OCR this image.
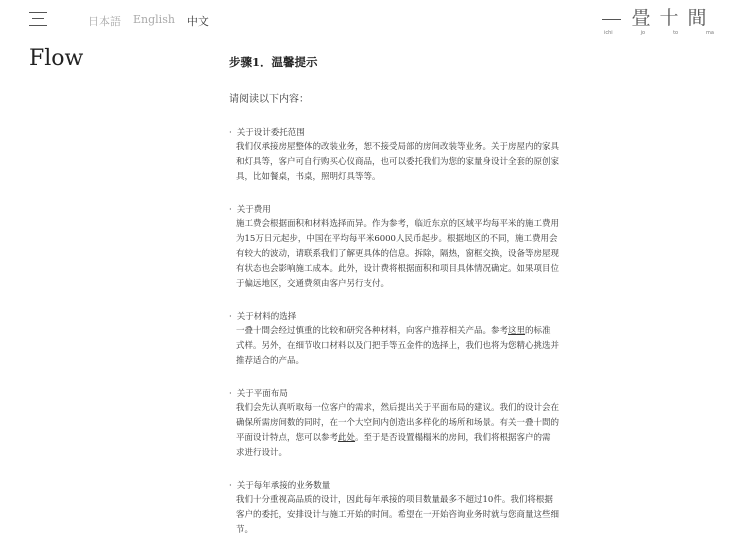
日本語 English 中文	畳十間
ichi	jo	to	ma
Flow	步骤1．温馨提示

请阅读以下内容：

· 关于设计委托范围

我们仅承接房屋整体的改装业务，恕不接受局部的房间改装等业务。关于房屋内的家具和灯具等，客户可自行购买心仪商品，也可以委托我们为您的家量身设计全套的原创家具，比如餐桌，书桌，照明灯具等等。

· 关于费用

施工费会根据面积和材料选择而异。作为参考，临近东京的区域平均每平米的施工费用为15万日元起步，中国在平均每平米6000人民币起步。根据地区的不同，施工费用会有较大的波动，请联系我们了解更具体的信息。拆除，隔热，窗框交换，设备等房屋现有状态也会影响施工成本。此外，设计费将根据面积和项目具体情况确定。如果项目位于偏远地区，交通费须由客户另行支付。

· 关于材料的选择

一叠十間会经过慎重的比较和研究各种材料，向客户推荐相关产品。参考这里的标准式样。另外，在细节收口材料以及门把手等五金件的选择上，我们也将为您精心挑选并推荐适合的产品。

· 关于平面布局

我们会先认真听取每一位客户的需求，然后提出关于平面布局的建议。我们的设计会在确保所需房间数的同时，在一个大空间内创造出多样化的场所和场景。有关一叠十間的平面设计特点，您可以参考此处。至于是否设置榻榻米的房间，我们将根据客户的需求进行设计。

· 关于每年承接的业务数量

我们十分重视高品质的设计，因此每年承接的项目数量最多不超过10件。我们将根据客户的委托，安排设计与施工开始的时间。希望在一开始咨询业务时就与您商量这些细节。
